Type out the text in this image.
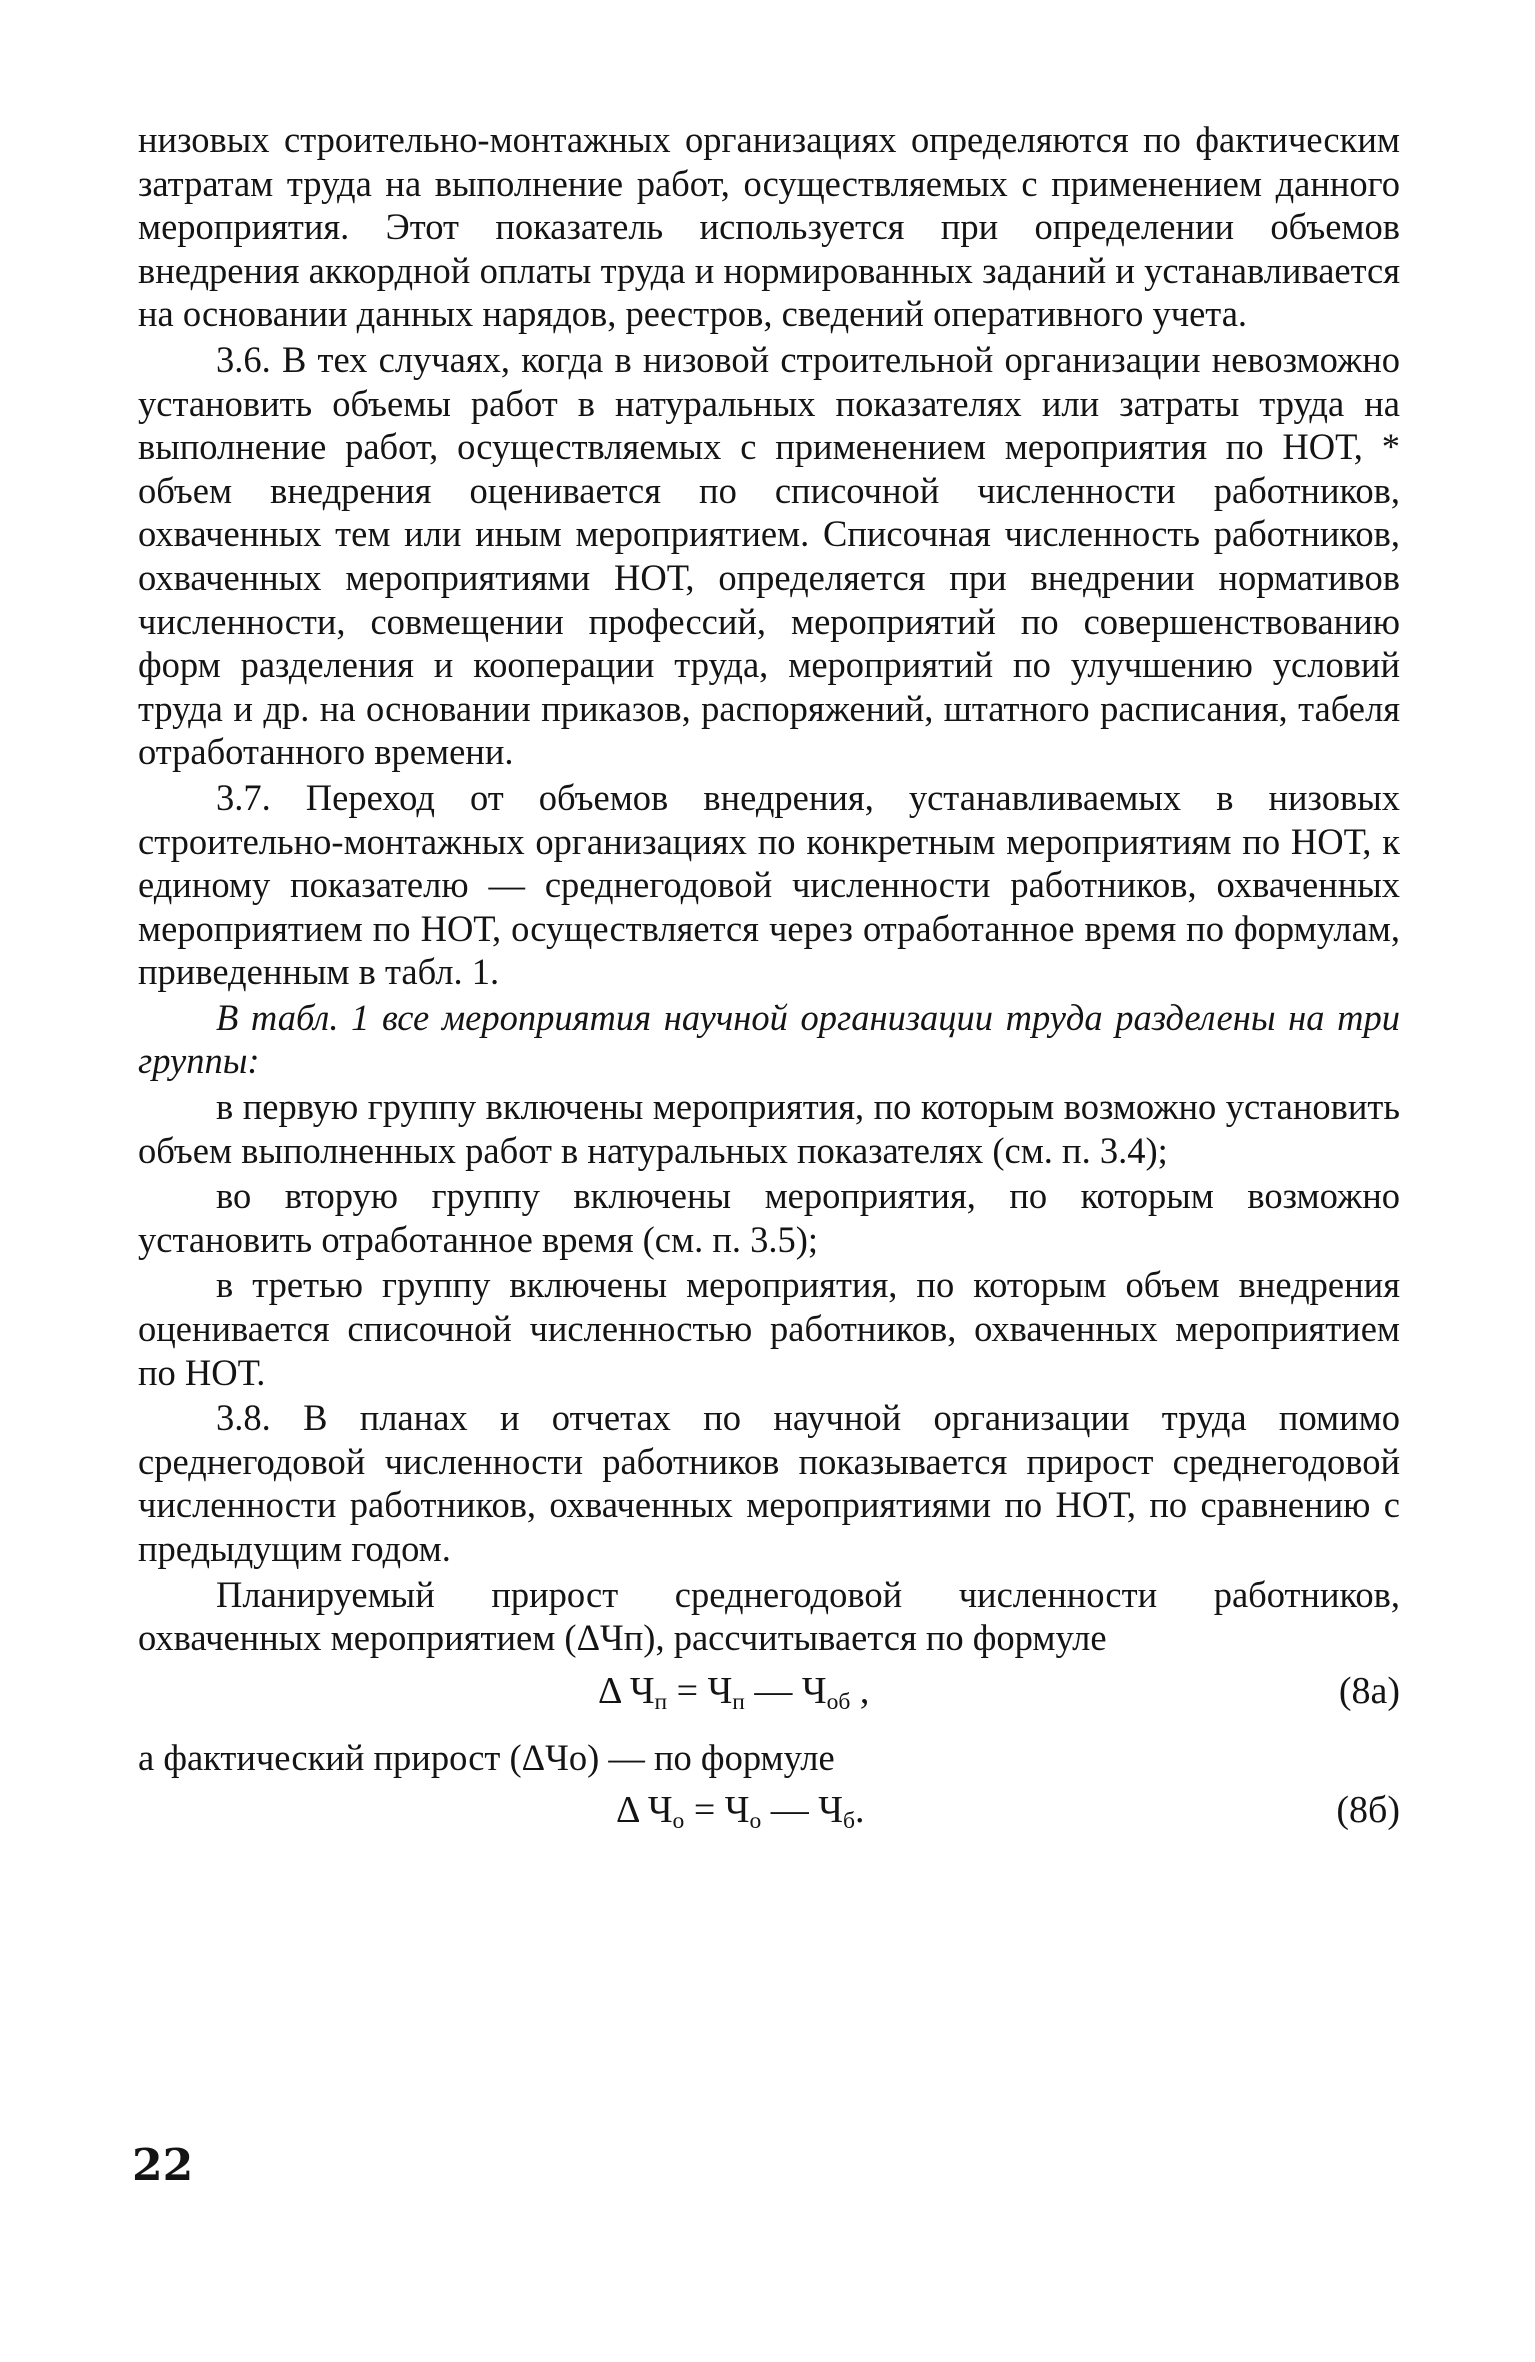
низовых строительно-монтажных организациях определяются по фактическим затратам труда на выполнение работ, осуществляемых с применением данного мероприятия. Этот показатель используется при определении объемов внедрения аккордной оплаты труда и нормированных заданий и устанавливается на основании данных нарядов, реестров, сведений оперативного учета.

3.6. В тех случаях, когда в низовой строительной организации невозможно установить объемы работ в натуральных показателях или затраты труда на выполнение работ, осуществляемых с применением мероприятия по НОТ, * объем внедрения оценивается по списочной численности работников, охваченных тем или иным мероприятием. Списочная численность работников, охваченных мероприятиями НОТ, определяется при внедрении нормативов численности, совмещении профессий, мероприятий по совершенствованию форм разделения и кооперации труда, мероприятий по улучшению условий труда и др. на основании приказов, распоряжений, штатного расписания, табеля отработанного времени.

3.7. Переход от объемов внедрения, устанавливаемых в низовых строительно-монтажных организациях по конкретным мероприятиям по НОТ, к единому показателю — среднегодовой численности работников, охваченных мероприятием по НОТ, осуществляется через отработанное время по формулам, приведенным в табл. 1.

В табл. 1 все мероприятия научной организации труда разделены на три группы:

в первую группу включены мероприятия, по которым возможно установить объем выполненных работ в натуральных показателях (см. п. 3.4);

во вторую группу включены мероприятия, по которым возможно установить отработанное время (см. п. 3.5);

в третью группу включены мероприятия, по которым объем внедрения оценивается списочной численностью работников, охваченных мероприятием по НОТ.

3.8. В планах и отчетах по научной организации труда помимо среднегодовой численности работников показывается прирост среднегодовой численности работников, охваченных мероприятиями по НОТ, по сравнению с предыдущим годом.

Планируемый прирост среднегодовой численности работников, охваченных мероприятием (ΔЧп), рассчитывается по формуле

Δ $Ч_п = Ч_п$ — $Ч_{об}$ ,	(8а)

а фактический прирост (ΔЧо) — по формуле

Δ $Ч_о = Ч_о$ — $Ч_б$.	(8б)
22
